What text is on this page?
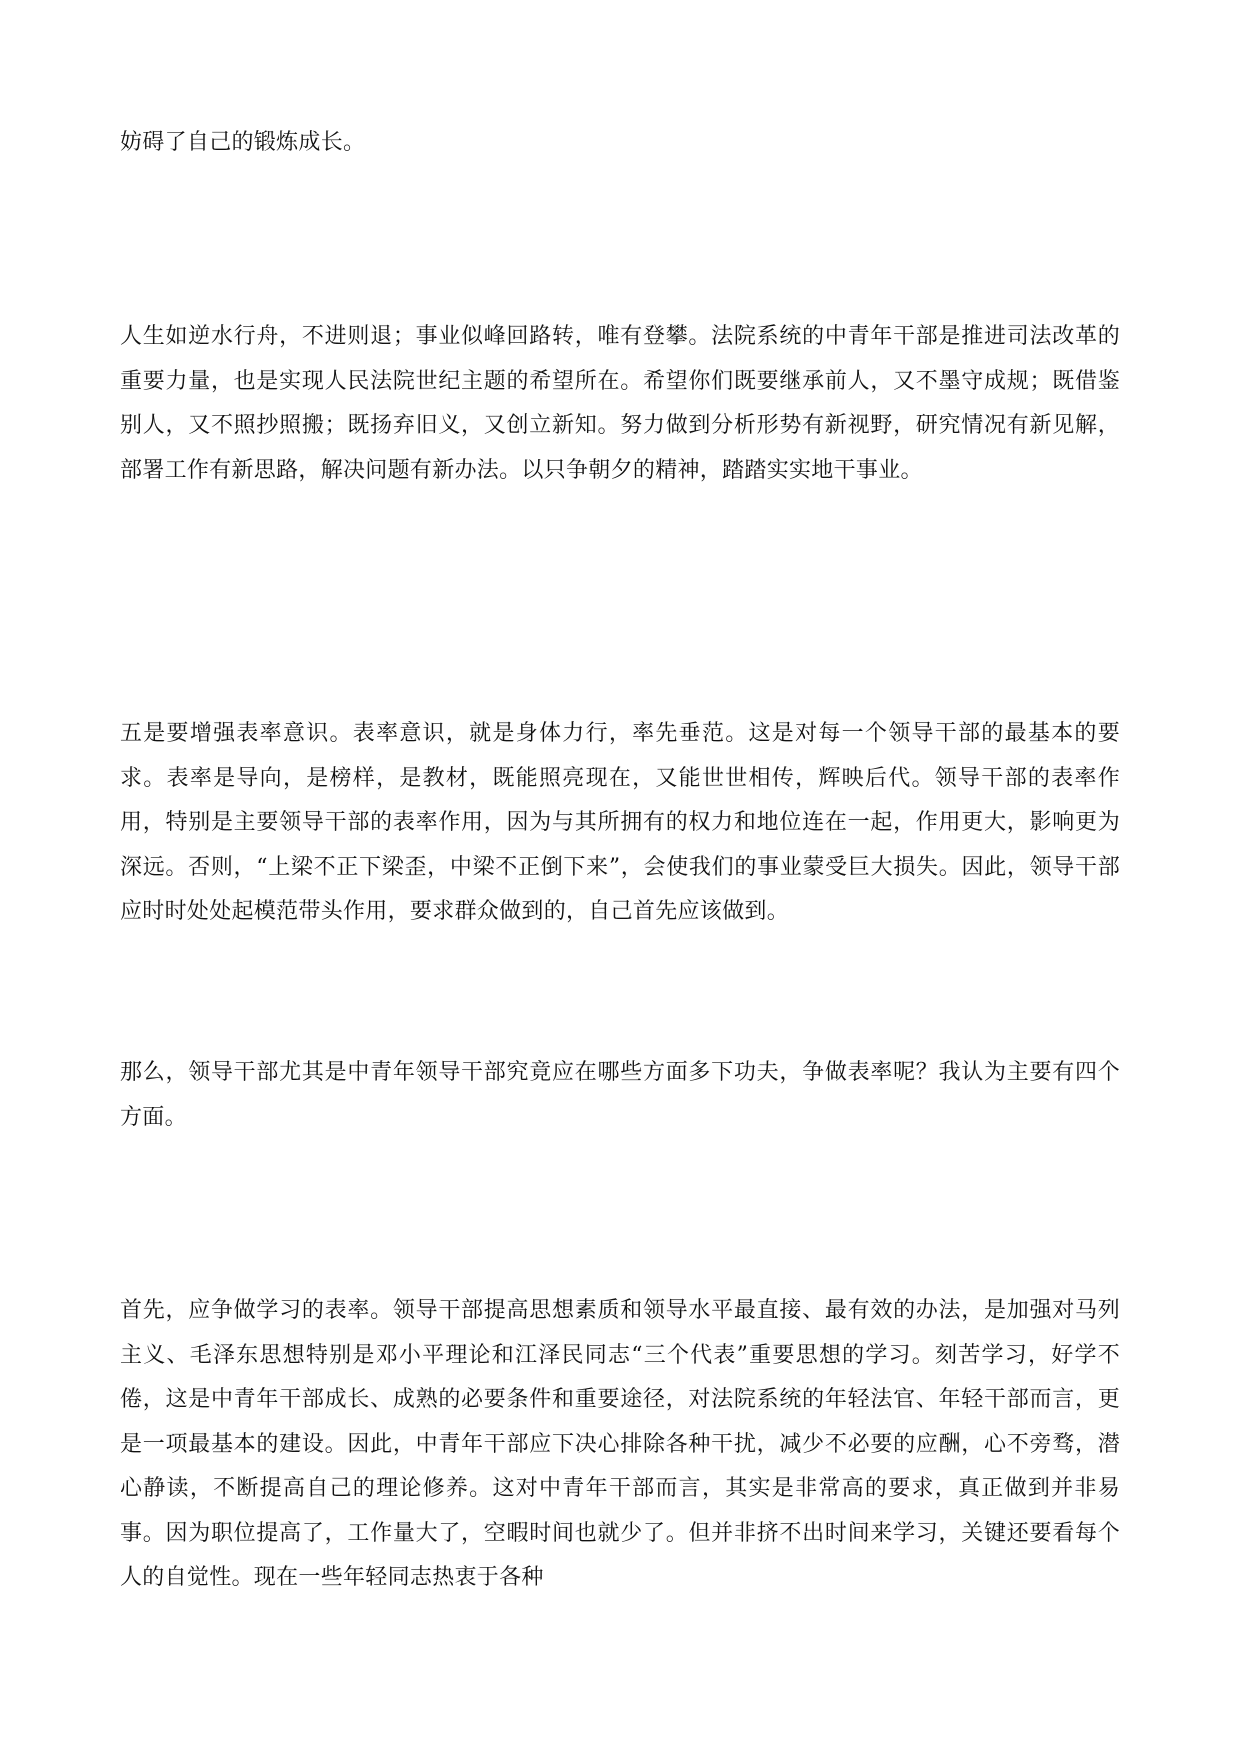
妨碍了自己的锻炼成长。

人生如逆水行舟，不进则退；事业似峰回路转，唯有登攀。法院系统的中青年干部是推进司法改革的重要力量，也是实现人民法院世纪主题的希望所在。希望你们既要继承前人，又不墨守成规；既借鉴别人，又不照抄照搬；既扬弃旧义，又创立新知。努力做到分析形势有新视野，研究情况有新见解，部署工作有新思路，解决问题有新办法。以只争朝夕的精神，踏踏实实地干事业。

五是要增强表率意识。表率意识，就是身体力行，率先垂范。这是对每一个领导干部的最基本的要求。表率是导向，是榜样，是教材，既能照亮现在，又能世世相传，辉映后代。领导干部的表率作用，特别是主要领导干部的表率作用，因为与其所拥有的权力和地位连在一起，作用更大，影响更为深远。否则，“上梁不正下梁歪，中梁不正倒下来”，会使我们的事业蒙受巨大损失。因此，领导干部应时时处处起模范带头作用，要求群众做到的，自己首先应该做到。

那么，领导干部尤其是中青年领导干部究竟应在哪些方面多下功夫，争做表率呢？我认为主要有四个方面。

首先，应争做学习的表率。领导干部提高思想素质和领导水平最直接、最有效的办法，是加强对马列主义、毛泽东思想特别是邓小平理论和江泽民同志“三个代表”重要思想的学习。刻苦学习，好学不倦，这是中青年干部成长、成熟的必要条件和重要途径，对法院系统的年轻法官、年轻干部而言，更是一项最基本的建设。因此，中青年干部应下决心排除各种干扰，减少不必要的应酬，心不旁骛，潜心静读，不断提高自己的理论修养。这对中青年干部而言，其实是非常高的要求，真正做到并非易事。因为职位提高了，工作量大了，空暇时间也就少了。但并非挤不出时间来学习，关键还要看每个人的自觉性。现在一些年轻同志热衷于各种
